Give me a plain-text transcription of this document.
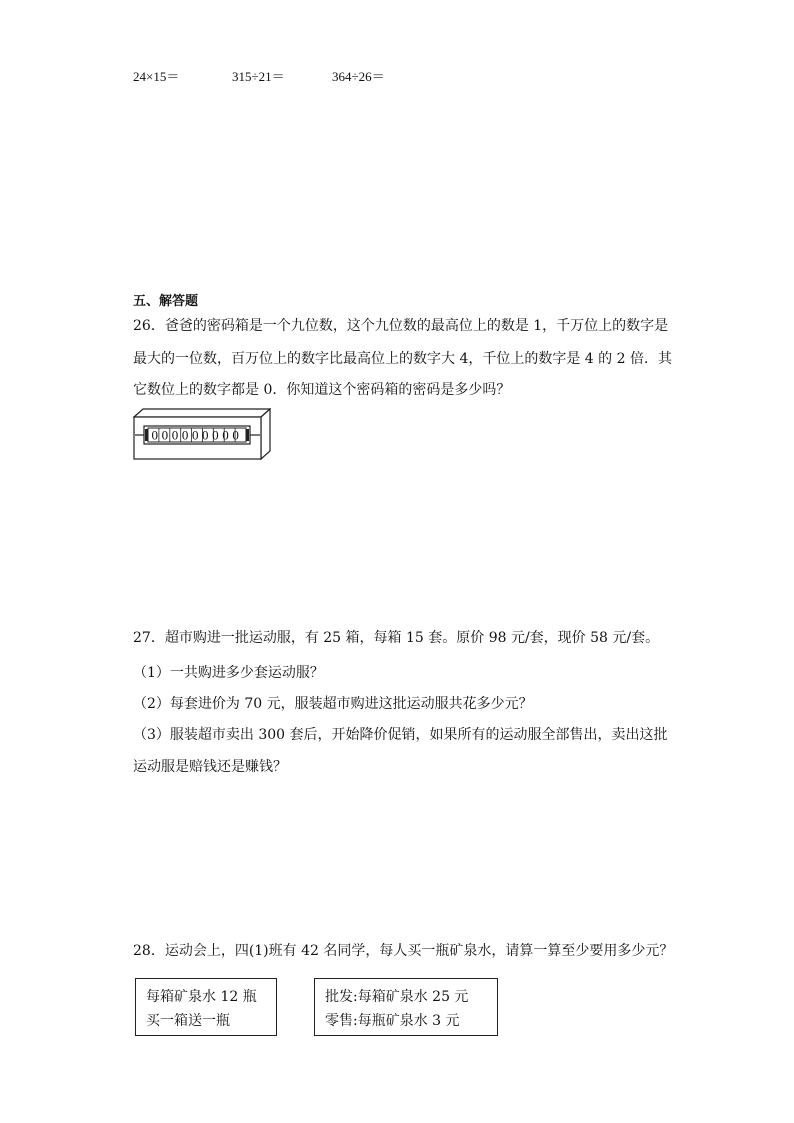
24×15＝	315÷21＝	364÷26＝
五、解答题
26．爸爸的密码箱是一个九位数，这个九位数的最高位上的数是 1，千万位上的数字是
最大的一位数，百万位上的数字比最高位上的数字大 4，千位上的数字是 4 的 2 倍．其
它数位上的数字都是 0．你知道这个密码箱的密码是多少吗？
000000000
27．超市购进一批运动服，有 25 箱，每箱 15 套。原价 98 元/套，现价 58 元/套。
（1）一共购进多少套运动服？
（2）每套进价为 70 元，服装超市购进这批运动服共花多少元？
（3）服装超市卖出 300 套后，开始降价促销，如果所有的运动服全部售出，卖出这批
运动服是赔钱还是赚钱？
28．运动会上，四(1)班有 42 名同学，每人买一瓶矿泉水，请算一算至少要用多少元？
每箱矿泉水 12 瓶
买一箱送一瓶
批发:每箱矿泉水 25 元
零售:每瓶矿泉水 3 元
